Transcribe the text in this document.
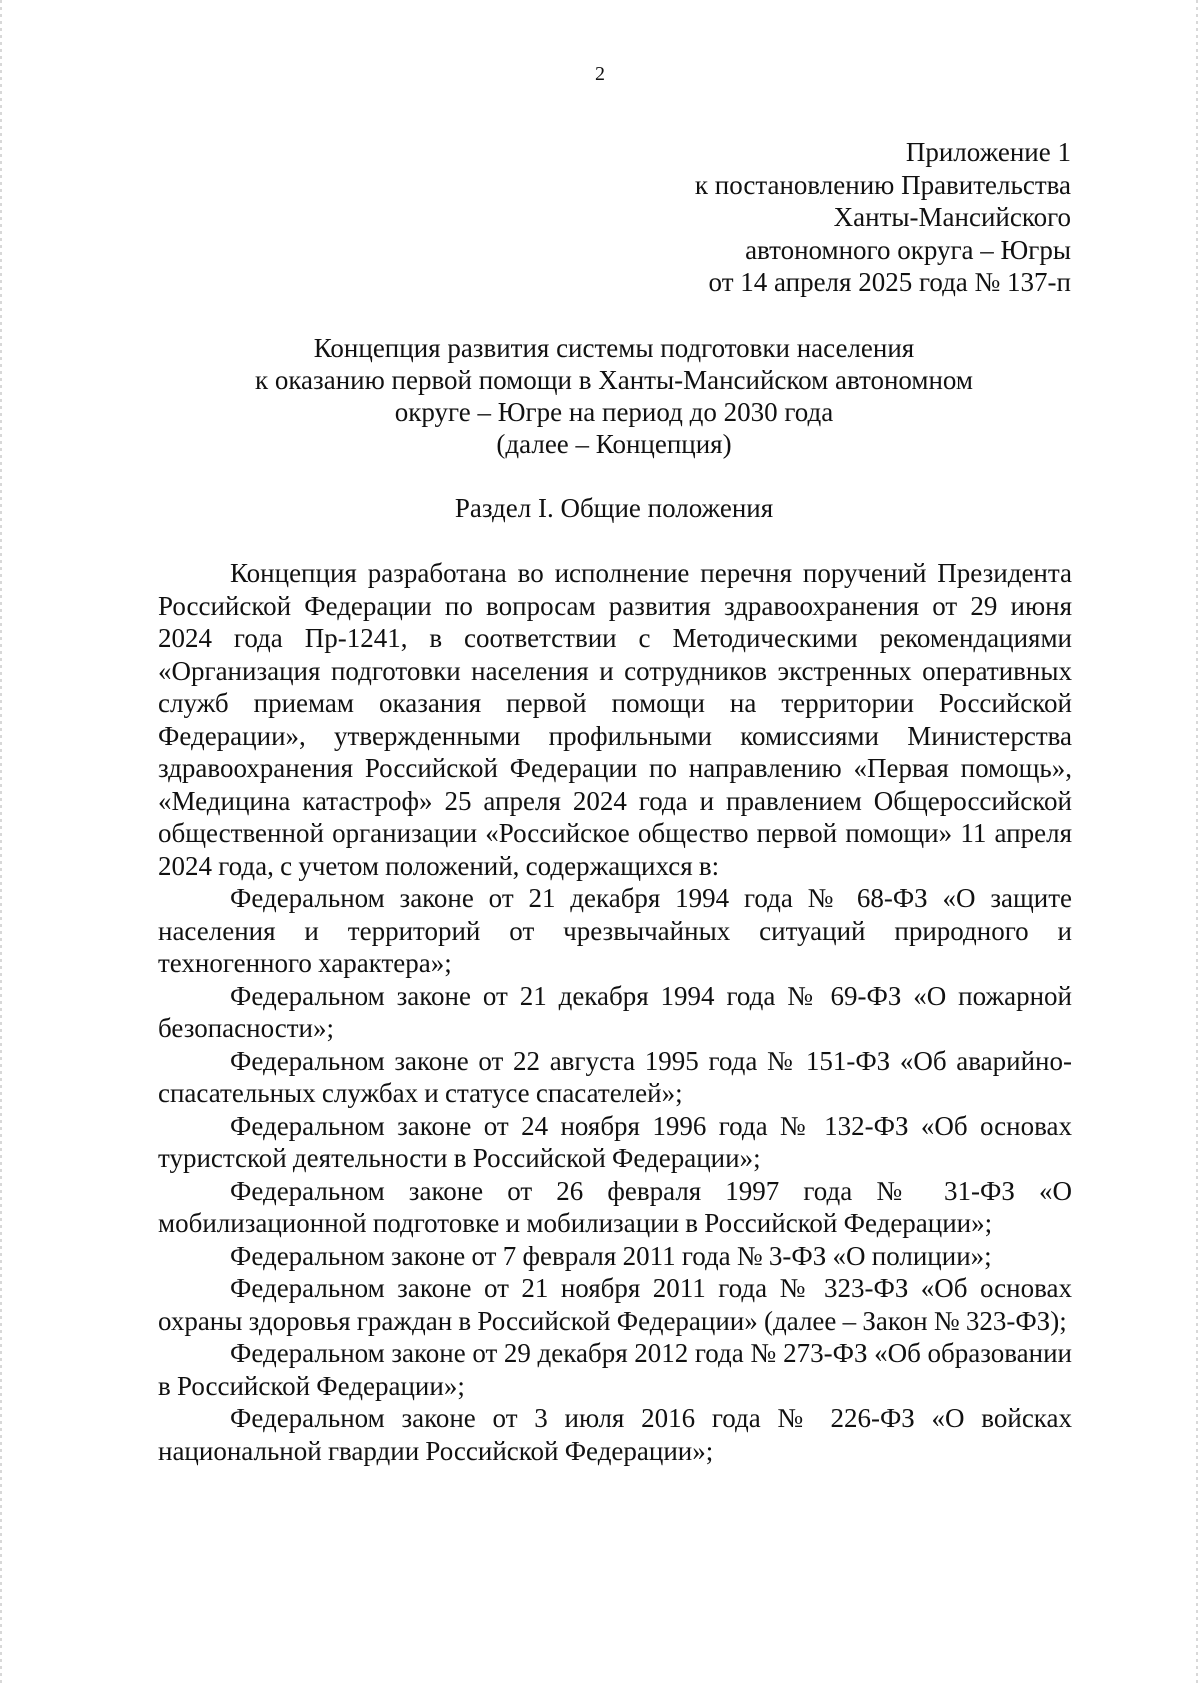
2
Приложение 1
к постановлению Правительства
Ханты-Мансийского
автономного округа – Югры
от 14 апреля 2025 года № 137-п
Концепция развития системы подготовки населения
к оказанию первой помощи в Ханты-Мансийском автономном
округе – Югре на период до 2030 года
(далее – Концепция)
Раздел I. Общие положения

Концепция разработана во исполнение перечня поручений Президента Российской Федерации по вопросам развития здравоохранения от 29 июня 2024 года Пр-1241, в соответствии с Методическими рекомендациями «Организация подготовки населения и сотрудников экстренных оперативных служб приемам оказания первой помощи на территории Российской Федерации», утвержденными профильными комиссиями Министерства здравоохранения Российской Федерации по направлению «Первая помощь», «Медицина катастроф» 25 апреля 2024 года и правлением Общероссийской общественной организации «Российское общество первой помощи» 11 апреля 2024 года, с учетом положений, содержащихся в:

Федеральном законе от 21 декабря 1994 года № 68-ФЗ «О защите населения и территорий от чрезвычайных ситуаций природного и техногенного характера»;

Федеральном законе от 21 декабря 1994 года № 69-ФЗ «О пожарной безопасности»;

Федеральном законе от 22 августа 1995 года № 151-ФЗ «Об аварийно-спасательных службах и статусе спасателей»;

Федеральном законе от 24 ноября 1996 года № 132-ФЗ «Об основах туристской деятельности в Российской Федерации»;

Федеральном законе от 26 февраля 1997 года № 31-ФЗ «О мобилизационной подготовке и мобилизации в Российской Федерации»;

Федеральном законе от 7 февраля 2011 года № 3-ФЗ «О полиции»;

Федеральном законе от 21 ноября 2011 года № 323-ФЗ «Об основах охраны здоровья граждан в Российской Федерации» (далее – Закон № 323-ФЗ);

Федеральном законе от 29 декабря 2012 года № 273-ФЗ «Об образовании в Российской Федерации»;

Федеральном законе от 3 июля 2016 года № 226-ФЗ «О войсках национальной гвардии Российской Федерации»;
